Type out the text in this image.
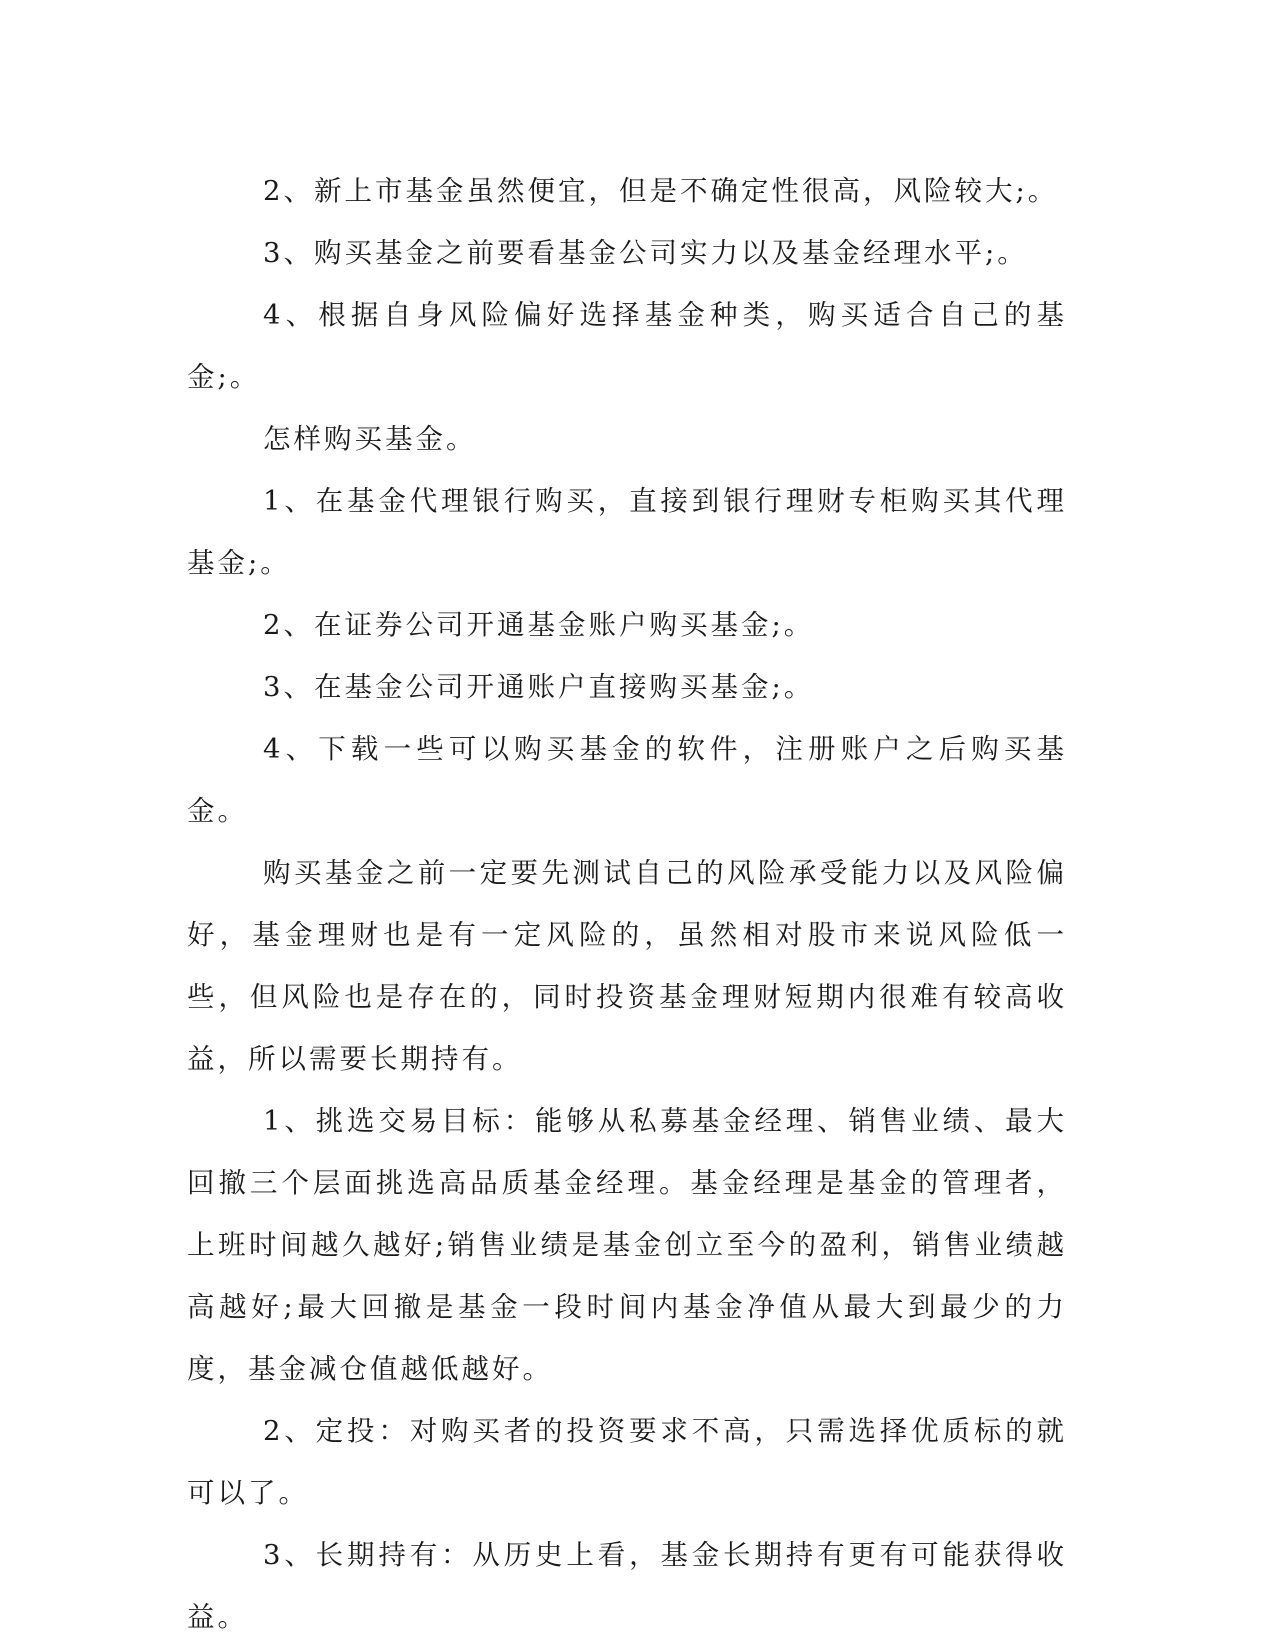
2、新上市基金虽然便宜，但是不确定性很高，风险较大;。

3、购买基金之前要看基金公司实力以及基金经理水平;。

4、根据自身风险偏好选择基金种类，购买适合自己的基金;。

怎样购买基金。

1、在基金代理银行购买，直接到银行理财专柜购买其代理基金;。

2、在证券公司开通基金账户购买基金;。

3、在基金公司开通账户直接购买基金;。

4、下载一些可以购买基金的软件，注册账户之后购买基金。

购买基金之前一定要先测试自己的风险承受能力以及风险偏好，基金理财也是有一定风险的，虽然相对股市来说风险低一些，但风险也是存在的，同时投资基金理财短期内很难有较高收益，所以需要长期持有。

1、挑选交易目标：能够从私募基金经理、销售业绩、最大回撤三个层面挑选高品质基金经理。基金经理是基金的管理者，上班时间越久越好;销售业绩是基金创立至今的盈利，销售业绩越高越好;最大回撤是基金一段时间内基金净值从最大到最少的力度，基金减仓值越低越好。

2、定投：对购买者的投资要求不高，只需选择优质标的就可以了。

3、长期持有：从历史上看，基金长期持有更有可能获得收益。
